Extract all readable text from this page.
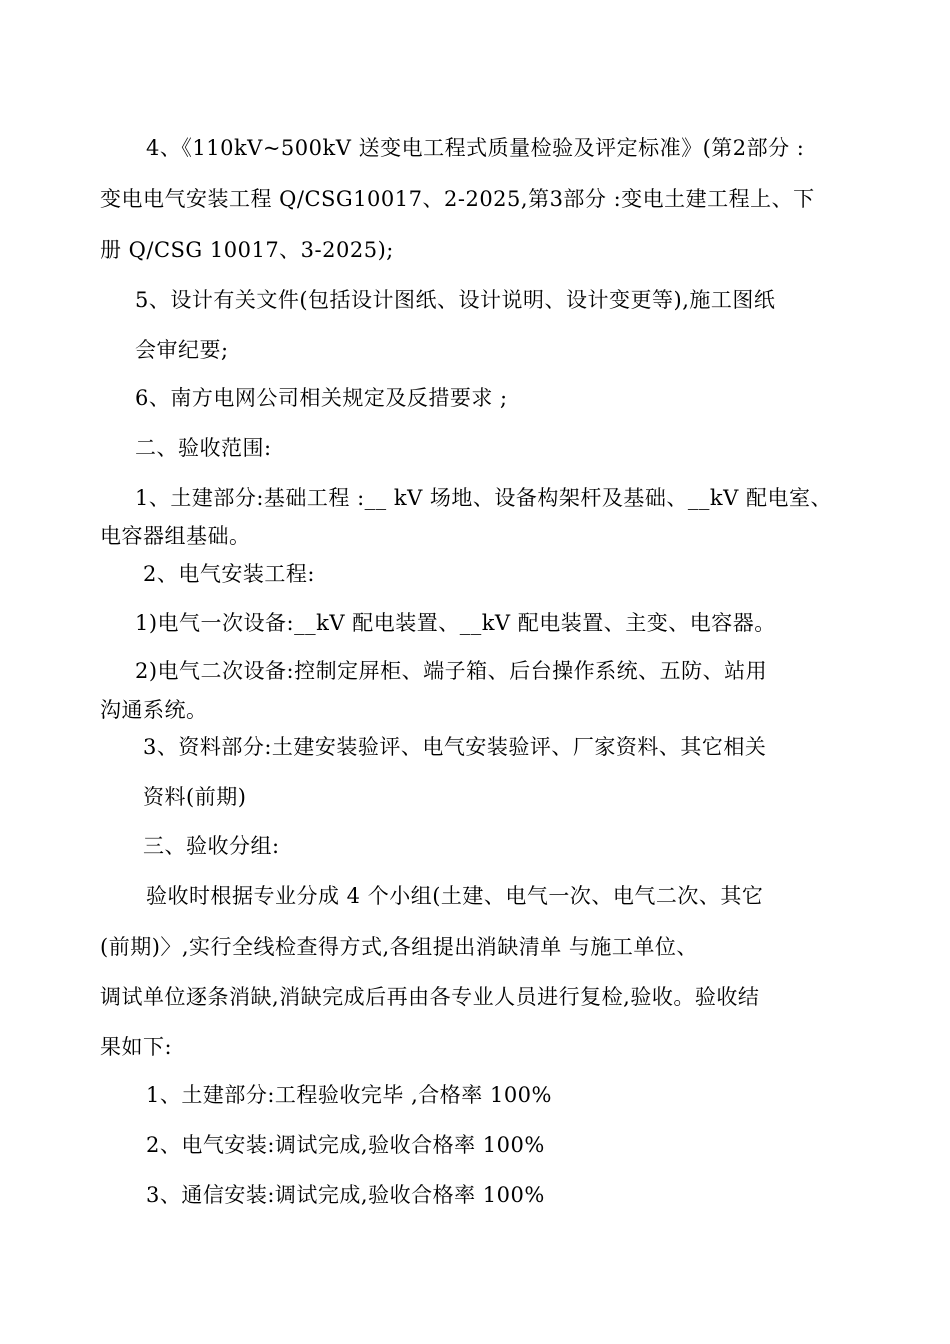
4、《110kV~500kV 送变电工程式质量检验及评定标准》(第2部分 :
变电电气安装工程 Q/CSG10017、2-2025,第3部分 :变电土建工程上、下
册 Q/CSG 10017、3-2025);
5、设计有关文件(包括设计图纸、设计说明、设计变更等),施工图纸
会审纪要;
6、南方电网公司相关规定及反措要求 ;
二、验收范围:
1、土建部分:基础工程 :__ kV 场地、设备构架杆及基础、__kV 配电室、
电容器组基础。
2、电气安装工程:
1)电气一次设备:__kV 配电装置、__kV 配电装置、主变、电容器。
2)电气二次设备:控制定屏柜、端子箱、后台操作系统、五防、站用
沟通系统。
3、资料部分:土建安装验评、电气安装验评、厂家资料、其它相关
资料(前期)
三、验收分组:
验收时根据专业分成 4 个小组(土建、电气一次、电气二次、其它
(前期)〉,实行全线检查得方式,各组提出消缺清单 与施工单位、
调试单位逐条消缺,消缺完成后再由各专业人员进行复检,验收。验收结
果如下:
1、土建部分:工程验收完毕 ,合格率 100%
2、电气安装:调试完成,验收合格率 100%
3、通信安装:调试完成,验收合格率 100%
